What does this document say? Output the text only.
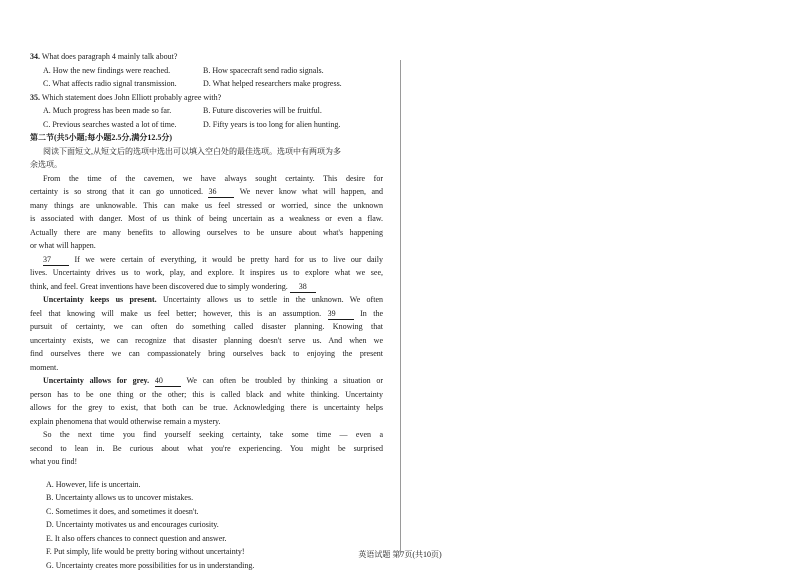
34. What does paragraph 4 mainly talk about?
A. How the new findings were reached.	B. How spacecraft send radio signals.
C. What affects radio signal transmission.	D. What helped researchers make progress.
35. Which statement does John Elliott probably agree with?
A. Much progress has been made so far.	B. Future discoveries will be fruitful.
C. Previous searches wasted a lot of time.	D. Fifty years is too long for alien hunting.
第二节(共5小题;每小题2.5分,满分12.5分)
阅读下面短文,从短文后的选项中选出可以填入空白处的最佳选项。选项中有两项为多
余选项。
From the time of the cavemen, we have always sought certainty. This desire for
certainty is so strong that it can go unnoticed. 36	We never know what will happen, and
many things are unknowable. This can make us feel stressed or worried, since the unknown
is associated with danger. Most of us think of being uncertain as a weakness or even a flaw.
Actually there are many benefits to allowing ourselves to be unsure about what's happening
or what will happen.
37	If we were certain of everything, it would be pretty hard for us to live our daily
lives. Uncertainty drives us to work, play, and explore. It inspires us to explore what we see,
think, and feel. Great inventions have been discovered due to simply wondering. 38
Uncertainty keeps us present. Uncertainty allows us to settle in the unknown. We often
feel that knowing will make us feel better; however, this is an assumption. 39	In the
pursuit of certainty, we can often do something called disaster planning. Knowing that
uncertainty exists, we can recognize that disaster planning doesn't serve us. And when we
find ourselves there we can compassionately bring ourselves back to enjoying the present
moment.
Uncertainty allows for grey. 40	We can often be troubled by thinking a situation or
person has to be one thing or the other; this is called black and white thinking. Uncertainty
allows for the grey to exist, that both can be true. Acknowledging there is uncertainty helps
explain phenomena that would otherwise remain a mystery.
So the next time you find yourself seeking certainty, take some time — even a
second to lean in. Be curious about what you're experiencing. You might be surprised
what you find!
A. However, life is uncertain.
B. Uncertainty allows us to uncover mistakes.
C. Sometimes it does, and sometimes it doesn't.
D. Uncertainty motivates us and encourages curiosity.
E. It also offers chances to connect question and answer.
F. Put simply, life would be pretty boring without uncertainty!
G. Uncertainty creates more possibilities for us in understanding.
英语试题 第7页(共10页)
